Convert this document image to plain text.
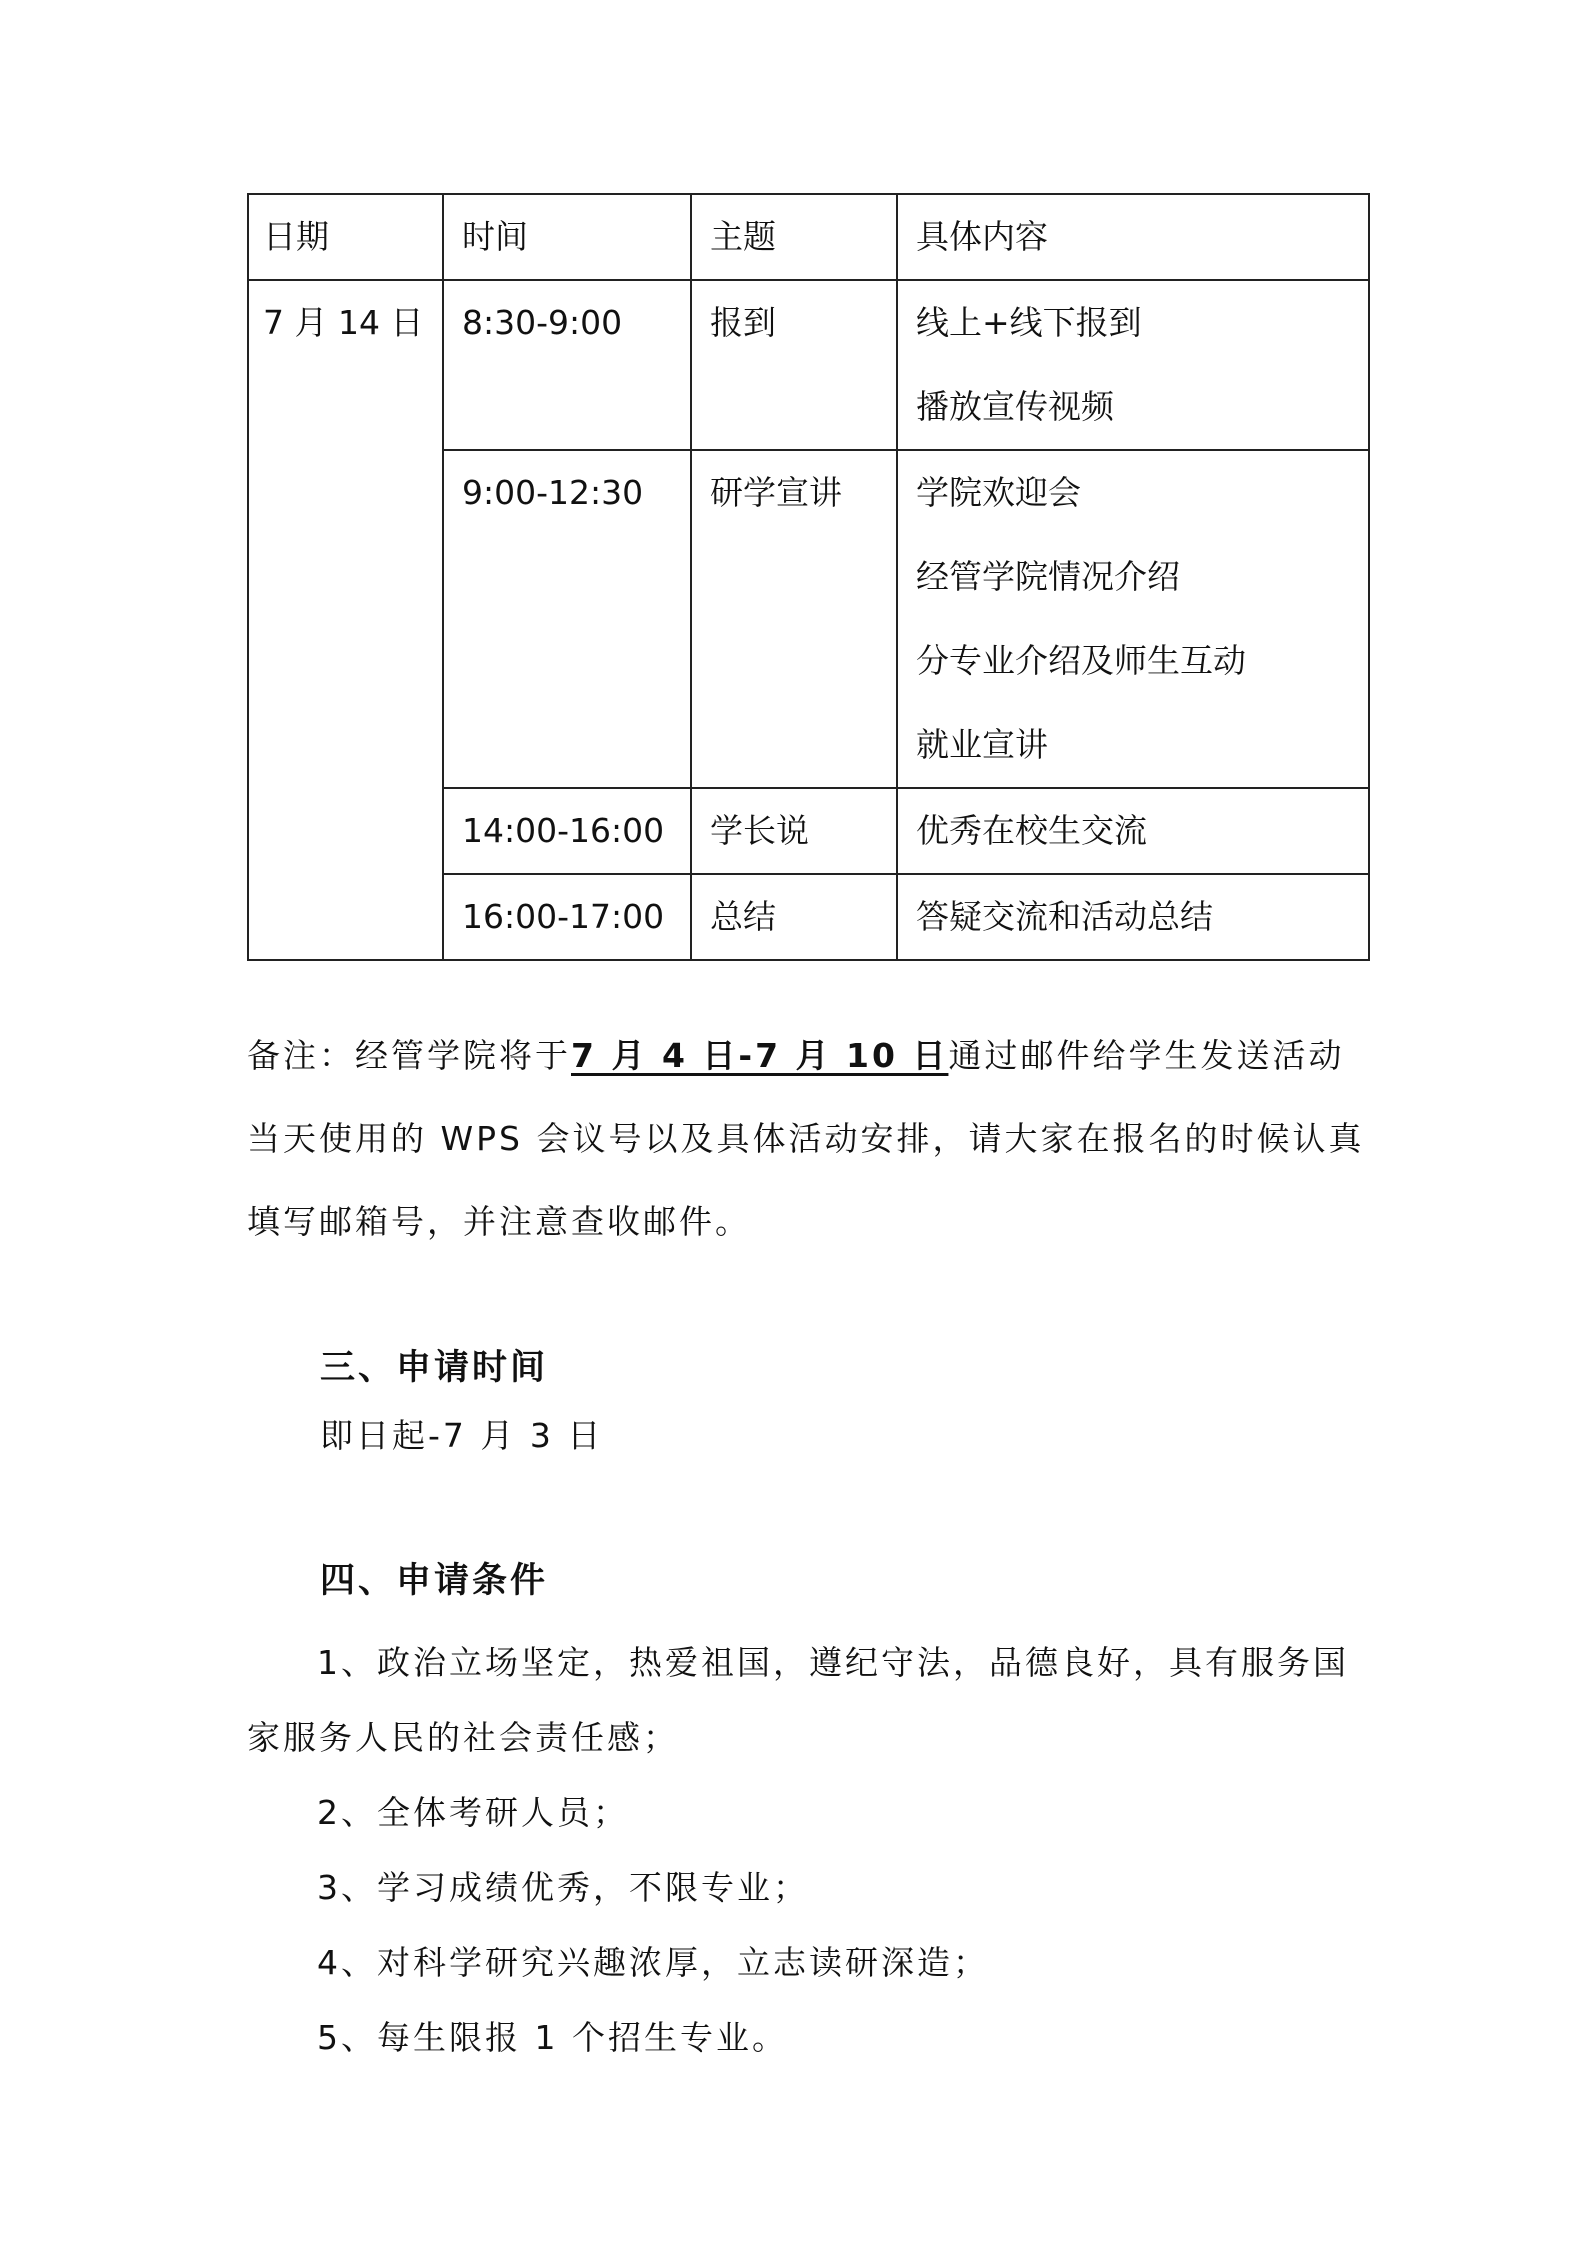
日期	时间	主题	具体内容
7 月 14 日	8:30-9:00	报到	线上+线下报到
播放宣传视频

	9:00-12:30	研学宣讲	学院欢迎会
经管学院情况介绍
分专业介绍及师生互动
就业宣讲

	14:00-16:00	学长说	优秀在校生交流

	16:00-17:00	总结	答疑交流和活动总结
备注：经管学院将于7 月 4 日-7 月 10 日通过邮件给学生发送活动当天使用的 WPS 会议号以及具体活动安排，请大家在报名的时候认真填写邮箱号，并注意查收邮件。
三、申请时间
即日起-7 月 3 日
四、申请条件
1、政治立场坚定，热爱祖国，遵纪守法，品德良好，具有服务国家服务人民的社会责任感；
2、全体考研人员；
3、学习成绩优秀，不限专业；
4、对科学研究兴趣浓厚，立志读研深造；
5、每生限报 1 个招生专业。
